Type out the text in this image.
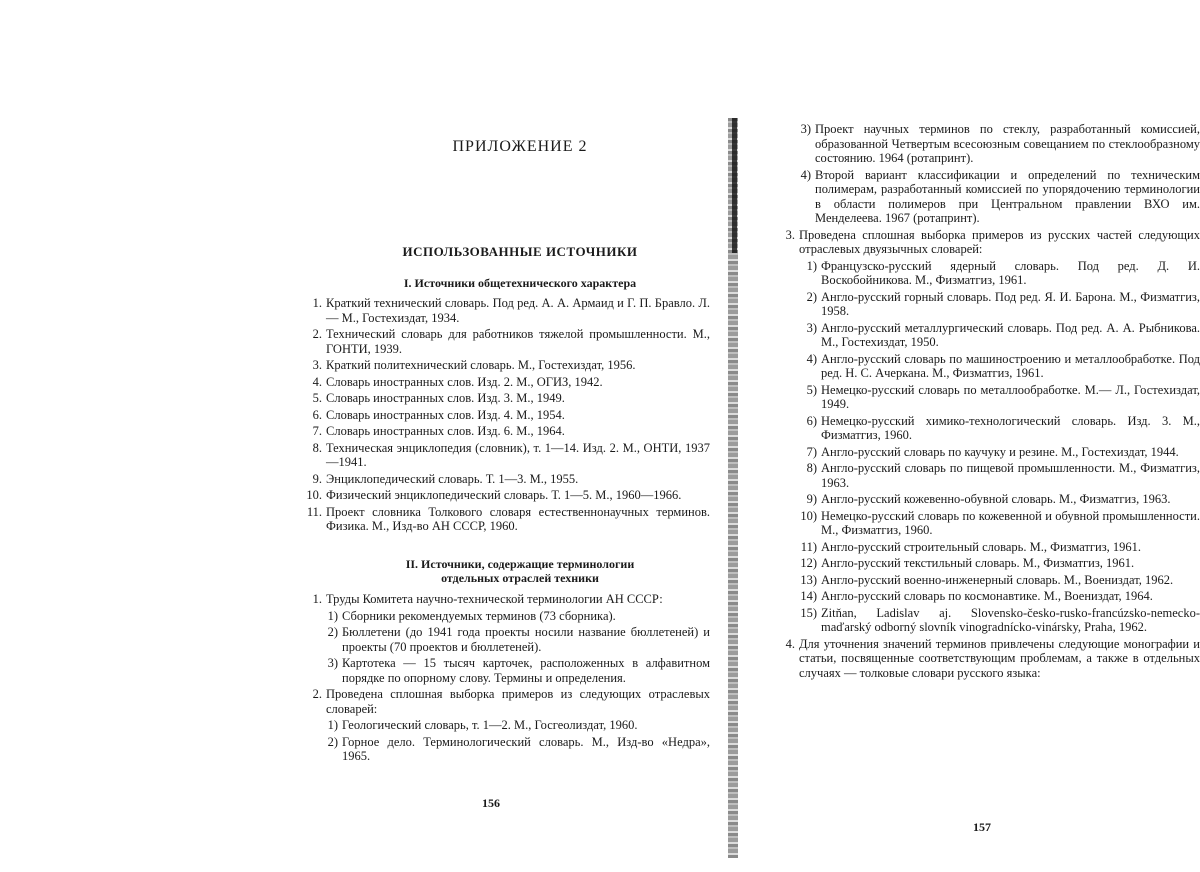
ПРИЛОЖЕНИЕ 2
ИСПОЛЬЗОВАННЫЕ ИСТОЧНИКИ
I. Источники общетехнического характера
1. Краткий технический словарь. Под ред. А. А. Армаид и Г. П. Бравло. Л.— М., Гостехиздат, 1934.
2. Технический словарь для работников тяжелой промышленности. М., ГОНТИ, 1939.
3. Краткий политехнический словарь. М., Гостехиздат, 1956.
4. Словарь иностранных слов. Изд. 2. М., ОГИЗ, 1942.
5. Словарь иностранных слов. Изд. 3. М., 1949.
6. Словарь иностранных слов. Изд. 4. М., 1954.
7. Словарь иностранных слов. Изд. 6. М., 1964.
8. Техническая энциклопедия (словник), т. 1—14. Изд. 2. М., ОНТИ, 1937—1941.
9. Энциклопедический словарь. Т. 1—3. М., 1955.
10. Физический энциклопедический словарь. Т. 1—5. М., 1960—1966.
11. Проект словника Толкового словаря естественнонаучных терминов. Физика. М., Изд-во АН СССР, 1960.
II. Источники, содержащие терминологии
отдельных отраслей техники
1. Труды Комитета научно-технической терминологии АН СССР:
1) Сборники рекомендуемых терминов (73 сборника).
2) Бюллетени (до 1941 года проекты носили название бюллетеней) и проекты (70 проектов и бюллетеней).
3) Картотека — 15 тысяч карточек, расположенных в алфавитном порядке по опорному слову. Термины и определения.
2. Проведена сплошная выборка примеров из следующих отраслевых словарей:
1) Геологический словарь, т. 1—2. М., Госгеолиздат, 1960.
2) Горное дело. Терминологический словарь. М., Изд-во «Недра», 1965.
156
3) Проект научных терминов по стеклу, разработанный комиссией, образованной Четвертым всесоюзным совещанием по стеклообразному состоянию. 1964 (ротапринт).
4) Второй вариант классификации и определений по техническим полимерам, разработанный комиссией по упорядочению терминологии в области полимеров при Центральном правлении ВХО им. Менделеева. 1967 (ротапринт).
3. Проведена сплошная выборка примеров из русских частей следующих отраслевых двуязычных словарей:
1) Французско-русский ядерный словарь. Под ред. Д. И. Воскобойникова. М., Физматгиз, 1961.
2) Англо-русский горный словарь. Под ред. Я. И. Барона. М., Физматгиз, 1958.
3) Англо-русский металлургический словарь. Под ред. А. А. Рыбникова. М., Гостехиздат, 1950.
4) Англо-русский словарь по машиностроению и металлообработке. Под ред. Н. С. Ачеркана. М., Физматгиз, 1961.
5) Немецко-русский словарь по металлообработке. М.— Л., Гостехиздат, 1949.
6) Немецко-русский химико-технологический словарь. Изд. 3. М., Физматгиз, 1960.
7) Англо-русский словарь по каучуку и резине. М., Гостехиздат, 1944.
8) Англо-русский словарь по пищевой промышленности. М., Физматгиз, 1963.
9) Англо-русский кожевенно-обувной словарь. М., Физматгиз, 1963.
10) Немецко-русский словарь по кожевенной и обувной промышленности. М., Физматгиз, 1960.
11) Англо-русский строительный словарь. М., Физматгиз, 1961.
12) Англо-русский текстильный словарь. М., Физматгиз, 1961.
13) Англо-русский военно-инженерный словарь. М., Воениздат, 1962.
14) Англо-русский словарь по космонавтике. М., Воениздат, 1964.
15) Zitňan, Ladislav aj. Slovensko-česko-rusko-francúzsko-nemecko-maďarský odborný slovník vinogradnícko-vinársky, Praha, 1962.
4. Для уточнения значений терминов привлечены следующие монографии и статьи, посвященные соответствующим проблемам, а также в отдельных случаях — толковые словари русского языка:
157
